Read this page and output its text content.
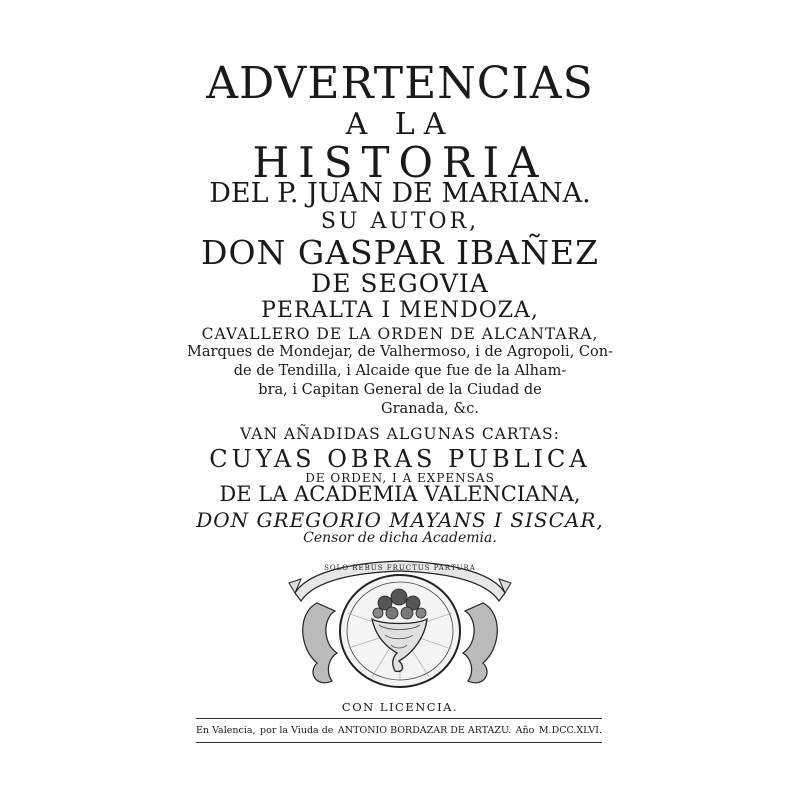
ADVERTENCIAS

A LA

HISTORIA

DEL P. JUAN DE MARIANA.

SU AUTOR,

DON GASPAR IBAÑEZ

DE SEGOVIA

PERALTA I MENDOZA,

CAVALLERO DE LA ORDEN DE ALCANTARA,

Marques de Mondejar, de Valhermoso, i de Agropoli, Con-

de de Tendilla, i Alcaide que fue de la Alham-

bra, i Capitan General de la Ciudad de

Granada, &c.

VAN AÑADIDAS ALGUNAS CARTAS:

CUYAS OBRAS PUBLICA

DE ORDEN, I A EXPENSAS

DE LA ACADEMIA VALENCIANA,

DON GREGORIO MAYANS I SISCAR,

Censor de dicha Academia.

SOLO REBUS FRUCTUS PARTURA

CON LICENCIA.

En Valencia, por la Viuda de ANTONIO BORDAZAR DE ARTAZU. Año M.DCC.XLVI.
